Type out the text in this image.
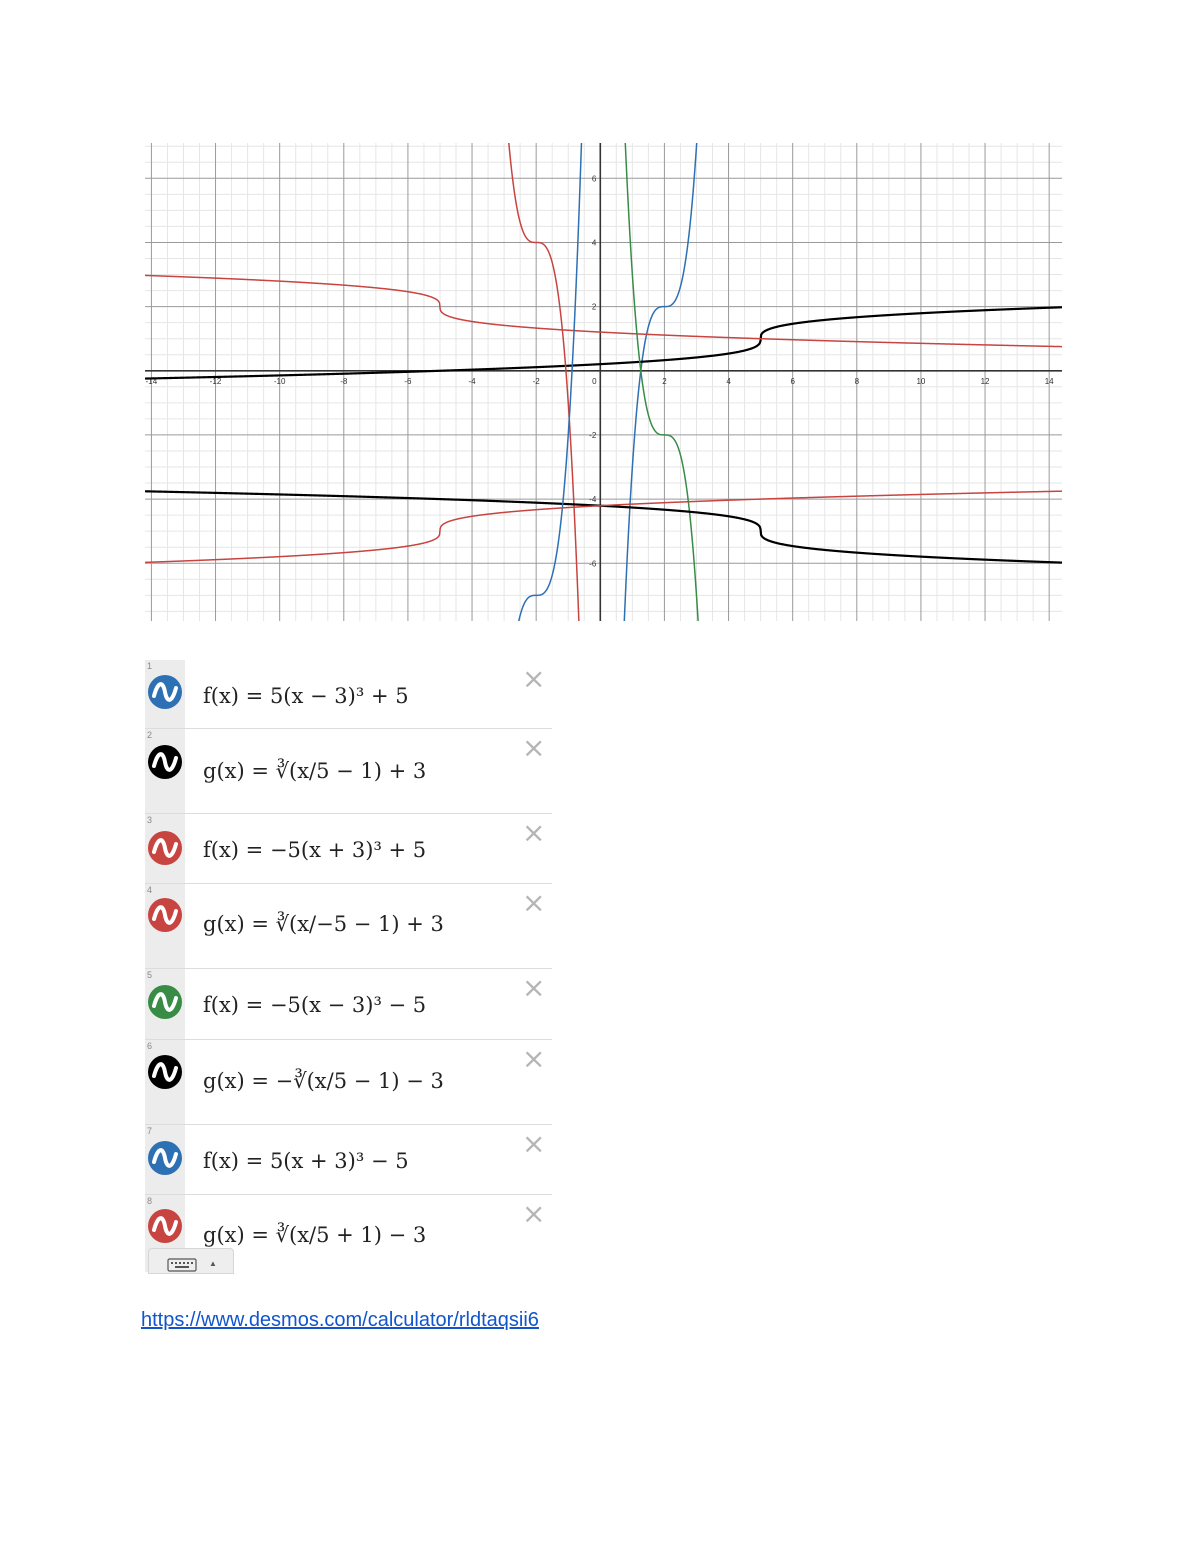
-14	-12	-10	-8	-6	-4	-2	0	2	4	6	8	10	12	14
6
4
2
-2
-4
-6
1
f(x) = 5(x − 3)³ + 5
×
2
g(x) = ∛(x/5 − 1) + 3
×
3
f(x) = −5(x + 3)³ + 5
×
4
g(x) = ∛(x/−5 − 1) + 3
×
5
f(x) = −5(x − 3)³ − 5
×
6
g(x) = −∛(x/5 − 1) − 3
×
7
f(x) = 5(x + 3)³ − 5
×
8
g(x) = ∛(x/5 + 1) − 3
×
▲
https://www.desmos.com/calculator/rldtaqsii6
